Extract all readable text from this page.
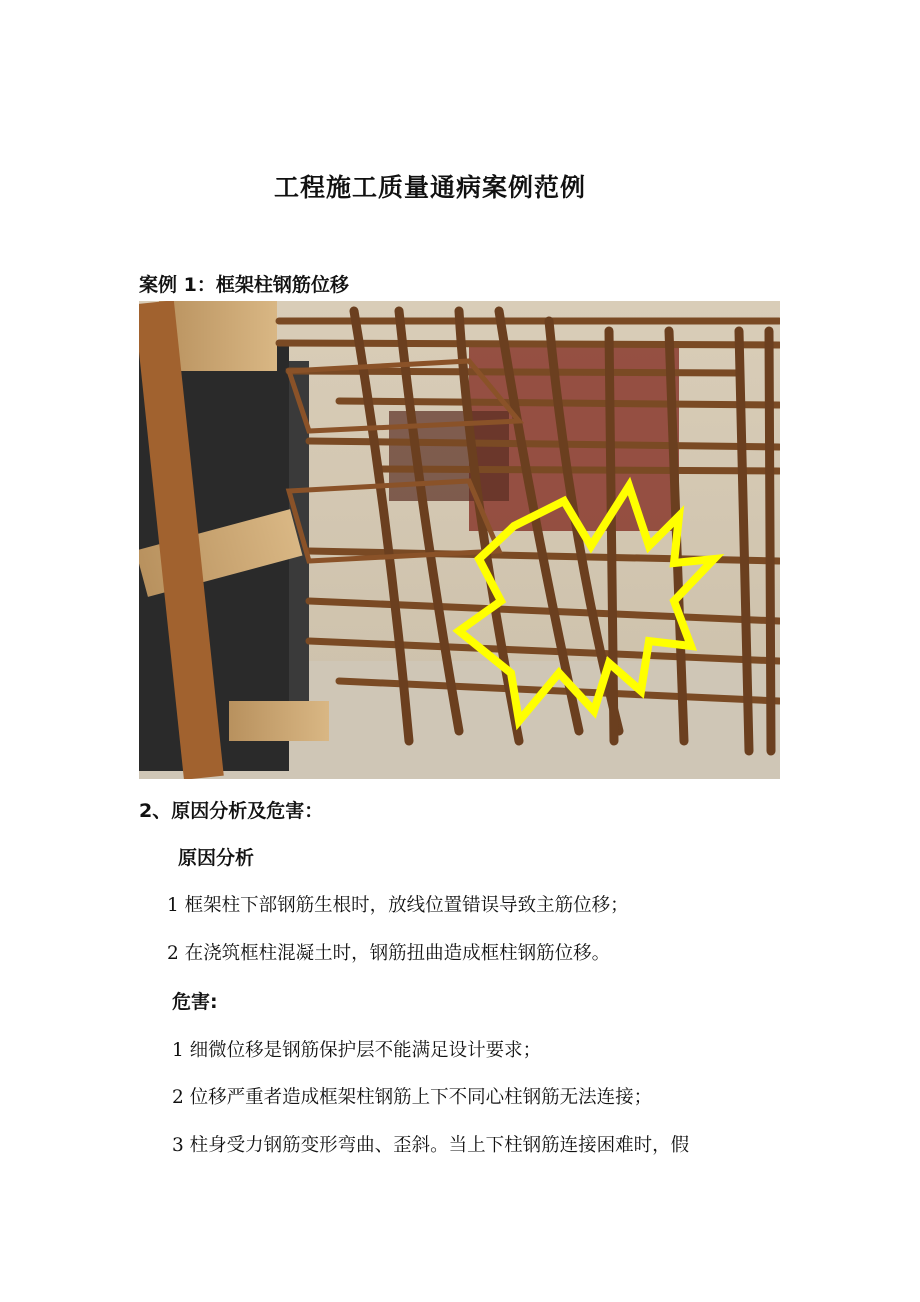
工程施工质量通病案例范例
案例 1：框架柱钢筋位移
2、原因分析及危害：
原因分析
1 框架柱下部钢筋生根时，放线位置错误导致主筋位移；
2 在浇筑框柱混凝土时，钢筋扭曲造成框柱钢筋位移。
危害:
1 细微位移是钢筋保护层不能满足设计要求；
2 位移严重者造成框架柱钢筋上下不同心柱钢筋无法连接；
3 柱身受力钢筋变形弯曲、歪斜。当上下柱钢筋连接困难时，假
